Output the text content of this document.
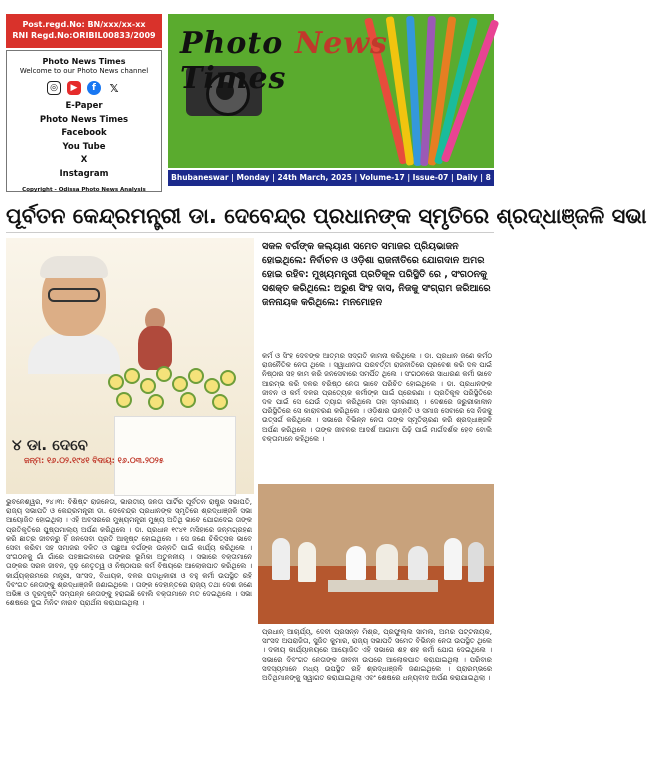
Post.regd.No: BN/xxx/xx-xx
RNI Regd.No:ORIBIL00833/2009
Photo News Times
Welcome to our Photo News channel
◎	▶	f	𝕏
E-Paper
Photo News Times
Facebook
You Tube
X
Instagram
Copyright - Odissa Photo News Analysis
Photo News Times
Bhubaneswar | Monday | 24th March, 2025 | Volume-17 | Issue-07 | Daily | 8 Pages | Price:Rs.5/-
ପୂର୍ବତନ କେନ୍ଦ୍ରମନ୍ତ୍ରୀ ଡା. ଦେବେନ୍ଦ୍ର ପ୍ରଧାନଙ୍କ ସ୍ମୃତିରେ ଶ୍ରଦ୍ଧାଞ୍ଜଳି ସଭା
୪ ଡା. ଦେବେ
ଜନ୍ମ: ୧୬.୦୨.୧୯୪୧ ବିଦାୟ: ୧୬.୦୩.୨୦୨୫
ସକଳ ବର୍ଗଙ୍କ କଲ୍ୟାଣ ସମେତ ସମାଜର ପ୍ରିୟଭାଜନ ହୋଇଥିଲେ: ନିର୍ବାଚନ ଓ ଓଡ଼ିଶା ରାଜନୀତିରେ ଯୋଗଦାନ ଅମର ହୋଇ ରହିବ: ମୁଖ୍ୟମନ୍ତ୍ରୀ ପ୍ରତିକୂଳ ପରିସ୍ଥିତି ରେ , ସଂଗଠନକୁ ସଶକ୍ତ କରିଥିଲେ: ଅରୁଣ ସିଂହ ଦାସ, ନିଜକୁ ସଂଗ୍ରାମ ଜରିଆରେ ଜନନାୟକ କରିଥିଲେ: ମନମୋହନ
କର୍ମ ଓ ସିଂହ ଦେବଙ୍କ ଆତ୍ମର ସଦ୍ଗତି କାମନା କରିଥିଲେ । ଡା. ପ୍ରଧାନ ଜଣେ କର୍ମଠ ରାଜନୈତିକ ନେତା ଥିଲେ । ସ୍ୱାଧୀନତା ପରବର୍ତ୍ତୀ ରାଜନୀତିରେ ପ୍ରବେଶ କରି ଦଳ ପାଇଁ ନିଷ୍ଠାର ସହ କାମ କରି ଜନସେବାରେ ସମର୍ପିତ ଥିଲେ । ସଂଗଠନରେ ସାଧାରଣ କର୍ମୀ ଭାବେ ଆରମ୍ଭ କରି ଦଳର ବରିଷ୍ଠ ନେତା ଭାବେ ପରିଚିତ ହୋଇଥିଲେ । ଡା. ପ୍ରଧାନଙ୍କ ଜୀବନ ଓ କର୍ମ ଦଳର ପ୍ରତ୍ୟେକ କର୍ମୀଙ୍କ ପାଇଁ ପ୍ରେରଣା । ପ୍ରତିକୂଳ ପରିସ୍ଥିତିରେ ଦଳ ପାଇଁ ସେ ଯେଉଁ ତ୍ୟାଗ କରିଥିଲେ ତାହା ସ୍ମରଣୀୟ । ଦେଶରେ ଜରୁରୀକାଳୀନ ପରିସ୍ଥିତିରେ ସେ କାରାବରଣ କରିଥିଲେ । ଓଡ଼ିଶାର ଉନ୍ନତି ଓ ସମାଜ ସେବାରେ ସେ ନିଜକୁ ଉତ୍ସର୍ଗ କରିଥିଲେ । ସଭାରେ ବିଭିନ୍ନ ନେତା ତାଙ୍କ ସ୍ମୃତିଚାରଣ କରି ଶ୍ରଦ୍ଧାଞ୍ଜଳି ଅର୍ପଣ କରିଥିଲେ । ତାଙ୍କ ଜୀବନର ଆଦର୍ଶ ଆଗାମୀ ପିଢ଼ି ପାଇଁ ମାର୍ଗଦର୍ଶକ ହେବ ବୋଲି ବକ୍ତାମାନେ କହିଥିଲେ ।
ଭୁବନେଶ୍ୱର, ୨୪।୩: ବିଶିଷ୍ଟ ରାଜନେତା, ଭାରତୀୟ ଜନତା ପାର୍ଟିର ପୂର୍ବତନ ରାଷ୍ଟ୍ର ସଭାପତି, ରାଜ୍ୟ ସଭାପତି ଓ କେନ୍ଦ୍ରମନ୍ତ୍ରୀ ଡା. ଦେବେନ୍ଦ୍ର ପ୍ରଧାନଙ୍କ ସ୍ମୃତିରେ ଶ୍ରଦ୍ଧାଞ୍ଜଳି ସଭା ଆୟୋଜିତ ହୋଇଥିଲା । ଏହି ଅବସରରେ ମୁଖ୍ୟମନ୍ତ୍ରୀ ମୁଖ୍ୟ ଅତିଥି ଭାବେ ଯୋଗଦେଇ ତାଙ୍କ ପ୍ରତିକୃତିରେ ପୁଷ୍ପମାଲ୍ୟ ଅର୍ପଣ କରିଥିଲେ । ଡା. ପ୍ରଧାନ ୧୯୪୧ ମସିହାରେ ଜନ୍ମଗ୍ରହଣ କରି ଛାତ୍ର ଜୀବନରୁ ହିଁ ଜନସେବା ପ୍ରତି ଆକୃଷ୍ଟ ହୋଇଥିଲେ । ସେ ଜଣେ ଚିକିତ୍ସକ ଭାବେ ସେବା କରିବା ସହ ସମାଜର ଦଳିତ ଓ ପଛୁଆ ବର୍ଗଙ୍କ ଉନ୍ନତି ପାଇଁ କାର୍ଯ୍ୟ କରିଥିଲେ । ସଂଗଠନକୁ ଗାଁ ଗାଁରେ ପହଞ୍ଚାଇବାରେ ତାଙ୍କର ଭୂମିକା ଅତୁଳନୀୟ । ସଭାରେ ବକ୍ତାମାନେ ତାଙ୍କର ସରଳ ଜୀବନ, ଦୃଢ଼ ନେତୃତ୍ୱ ଓ ନିଷ୍ଠାପର କର୍ମ ବିଷୟରେ ଆଲୋକପାତ କରିଥିଲେ । କାର୍ଯ୍ୟକ୍ରମରେ ମନ୍ତ୍ରୀ, ସାଂସଦ, ବିଧାୟକ, ଦଳର ପଦାଧିକାରୀ ଓ ବହୁ କର୍ମୀ ଉପସ୍ଥିତ ରହି ଦିବଂଗତ ନେତାଙ୍କୁ ଶ୍ରଦ୍ଧାଞ୍ଜଳି ଜଣାଇଥିଲେ । ତାଙ୍କ ଦେହାନ୍ତରେ ରାଜ୍ୟ ତଥା ଦେଶ ଜଣେ ଅଭିଜ୍ଞ ଓ ଦୂରଦୃଷ୍ଟି ସମ୍ପନ୍ନ ନେତାଙ୍କୁ ହରାଇଛି ବୋଲି ବକ୍ତାମାନେ ମତ ଦେଇଥିଲେ । ସଭା ଶେଷରେ ଦୁଇ ମିନିଟ ନୀରବ ପ୍ରାର୍ଥନା କରାଯାଇଥିଲା ।
ପ୍ରଧାନ୍ ଆଚାର୍ଯ୍ୟ, ଦେବୀ ପ୍ରସନ୍ନ ମିଶ୍ର, ପ୍ରଫୁଲ୍ଲ ସାମଲ, ଅମର ପଟ୍ଟନାୟକ, ସାଂସଦ ଅପରାଜିତା, ସୁଜିତ କୁମାର, ରାଜ୍ୟ ସଭାପତି ସମେତ ବିଭିନ୍ନ ନେତା ଉପସ୍ଥିତ ଥିଲେ । ଦଳୀୟ କାର୍ଯ୍ୟାଳୟରେ ଆୟୋଜିତ ଏହି ସଭାରେ ଶହ ଶହ କର୍ମୀ ଯୋଗ ଦେଇଥିଲେ । ସଭାରେ ଦିବଂଗତ ନେତାଙ୍କ ଜୀବନୀ ଉପରେ ଆଲୋକପାତ କରାଯାଇଥିଲା । ପରିବାର ସଦସ୍ୟମାନେ ମଧ୍ୟ ଉପସ୍ଥିତ ରହି ଶ୍ରଦ୍ଧାଞ୍ଜଳି ଜଣାଇଥିଲେ । ପ୍ରାରମ୍ଭରେ ଅତିଥିମାନଙ୍କୁ ସ୍ୱାଗତ କରାଯାଇଥିଲା ଏବଂ ଶେଷରେ ଧନ୍ୟବାଦ ଅର୍ପଣ କରାଯାଇଥିଲା ।
